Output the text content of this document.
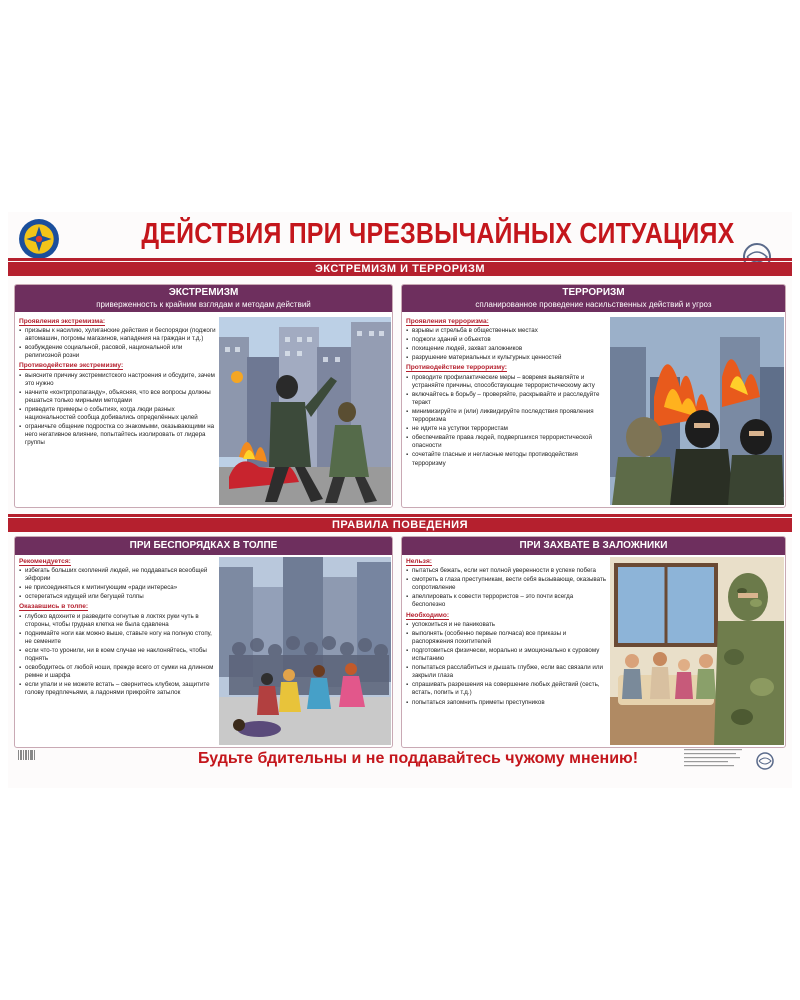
ДЕЙСТВИЯ ПРИ ЧРЕЗВЫЧАЙНЫХ СИТУАЦИЯХ
ЭКСТРЕМИЗМ И ТЕРРОРИЗМ
ЭКСТРЕМИЗМ
приверженность к крайним взглядам и методам действий
Проявления экстремизма:
▪ призывы к насилию, хулиганские действия и беспорядки (поджоги автомашин, погромы магазинов, нападения на граждан и т.д.)
▪ возбуждение социальной, расовой, национальной или религиозной розни
Противодействие экстремизму:
▪ выясните причину экстремистского настроения и обсудите, зачем это нужно
▪ начните «контрпропаганду», объясняя, что все вопросы должны решаться только мирными методами
▪ приведите примеры о событиях, когда люди разных национальностей сообща добивались определённых целей
▪ ограничьте общение подростка со знакомыми, оказывающими на него негативное влияние, попытайтесь изолировать от лидера группы
ТЕРРОРИЗМ
спланированное проведение насильственных действий и угроз
Проявления терроризма:
▪ взрывы и стрельба в общественных местах
▪ поджоги зданий и объектов
▪ похищение людей, захват заложников
▪ разрушение материальных и культурных ценностей
Противодействие терроризму:
▪ проводите профилактические меры – вовремя выявляйте и устраняйте причины, способствующие террористическому акту
▪ включайтесь в борьбу – проверяйте, раскрывайте и расследуйте теракт
▪ минимизируйте и (или) ликвидируйте последствия проявления терроризма
▪ не идите на уступки террористам
▪ обеспечивайте права людей, подвергшихся террористической опасности
▪ сочетайте гласные и негласные методы противодействия терроризму
ПРАВИЛА ПОВЕДЕНИЯ
ПРИ БЕСПОРЯДКАХ В ТОЛПЕ
Рекомендуется:
▪ избегать больших скоплений людей, не поддаваться всеобщей эйфории
▪ не присоединяться к митингующим «ради интереса»
▪ остерегаться идущей или бегущей толпы
Оказавшись в толпе:
▪ глубоко вдохните и разведите согнутые в локтях руки чуть в стороны, чтобы грудная клетка не была сдавлена
▪ поднимайте ноги как можно выше, ставьте ногу на полную стопу, не семените
▪ если что-то уронили, ни в коем случае не наклоняйтесь, чтобы поднять
▪ освободитесь от любой ноши, прежде всего от сумки на длинном ремне и шарфа
▪ если упали и не можете встать – свернитесь клубком, защитите голову предплечьями, а ладонями прикройте затылок
ПРИ ЗАХВАТЕ В ЗАЛОЖНИКИ
Нельзя:
▪ пытаться бежать, если нет полной уверенности в успехе побега
▪ смотреть в глаза преступникам, вести себя вызывающе, оказывать сопротивление
▪ апеллировать к совести террористов – это почти всегда бесполезно
Необходимо:
▪ успокоиться и не паниковать
▪ выполнять (особенно первые полчаса) все приказы и распоряжения похитителей
▪ подготовиться физически, морально и эмоционально к суровому испытанию
▪ попытаться расслабиться и дышать глубже, если вас связали или закрыли глаза
▪ спрашивать разрешения на совершение любых действий (сесть, встать, попить и т.д.)
▪ попытаться запомнить приметы преступников
Будьте бдительны и не поддавайтесь чужому мнению!
